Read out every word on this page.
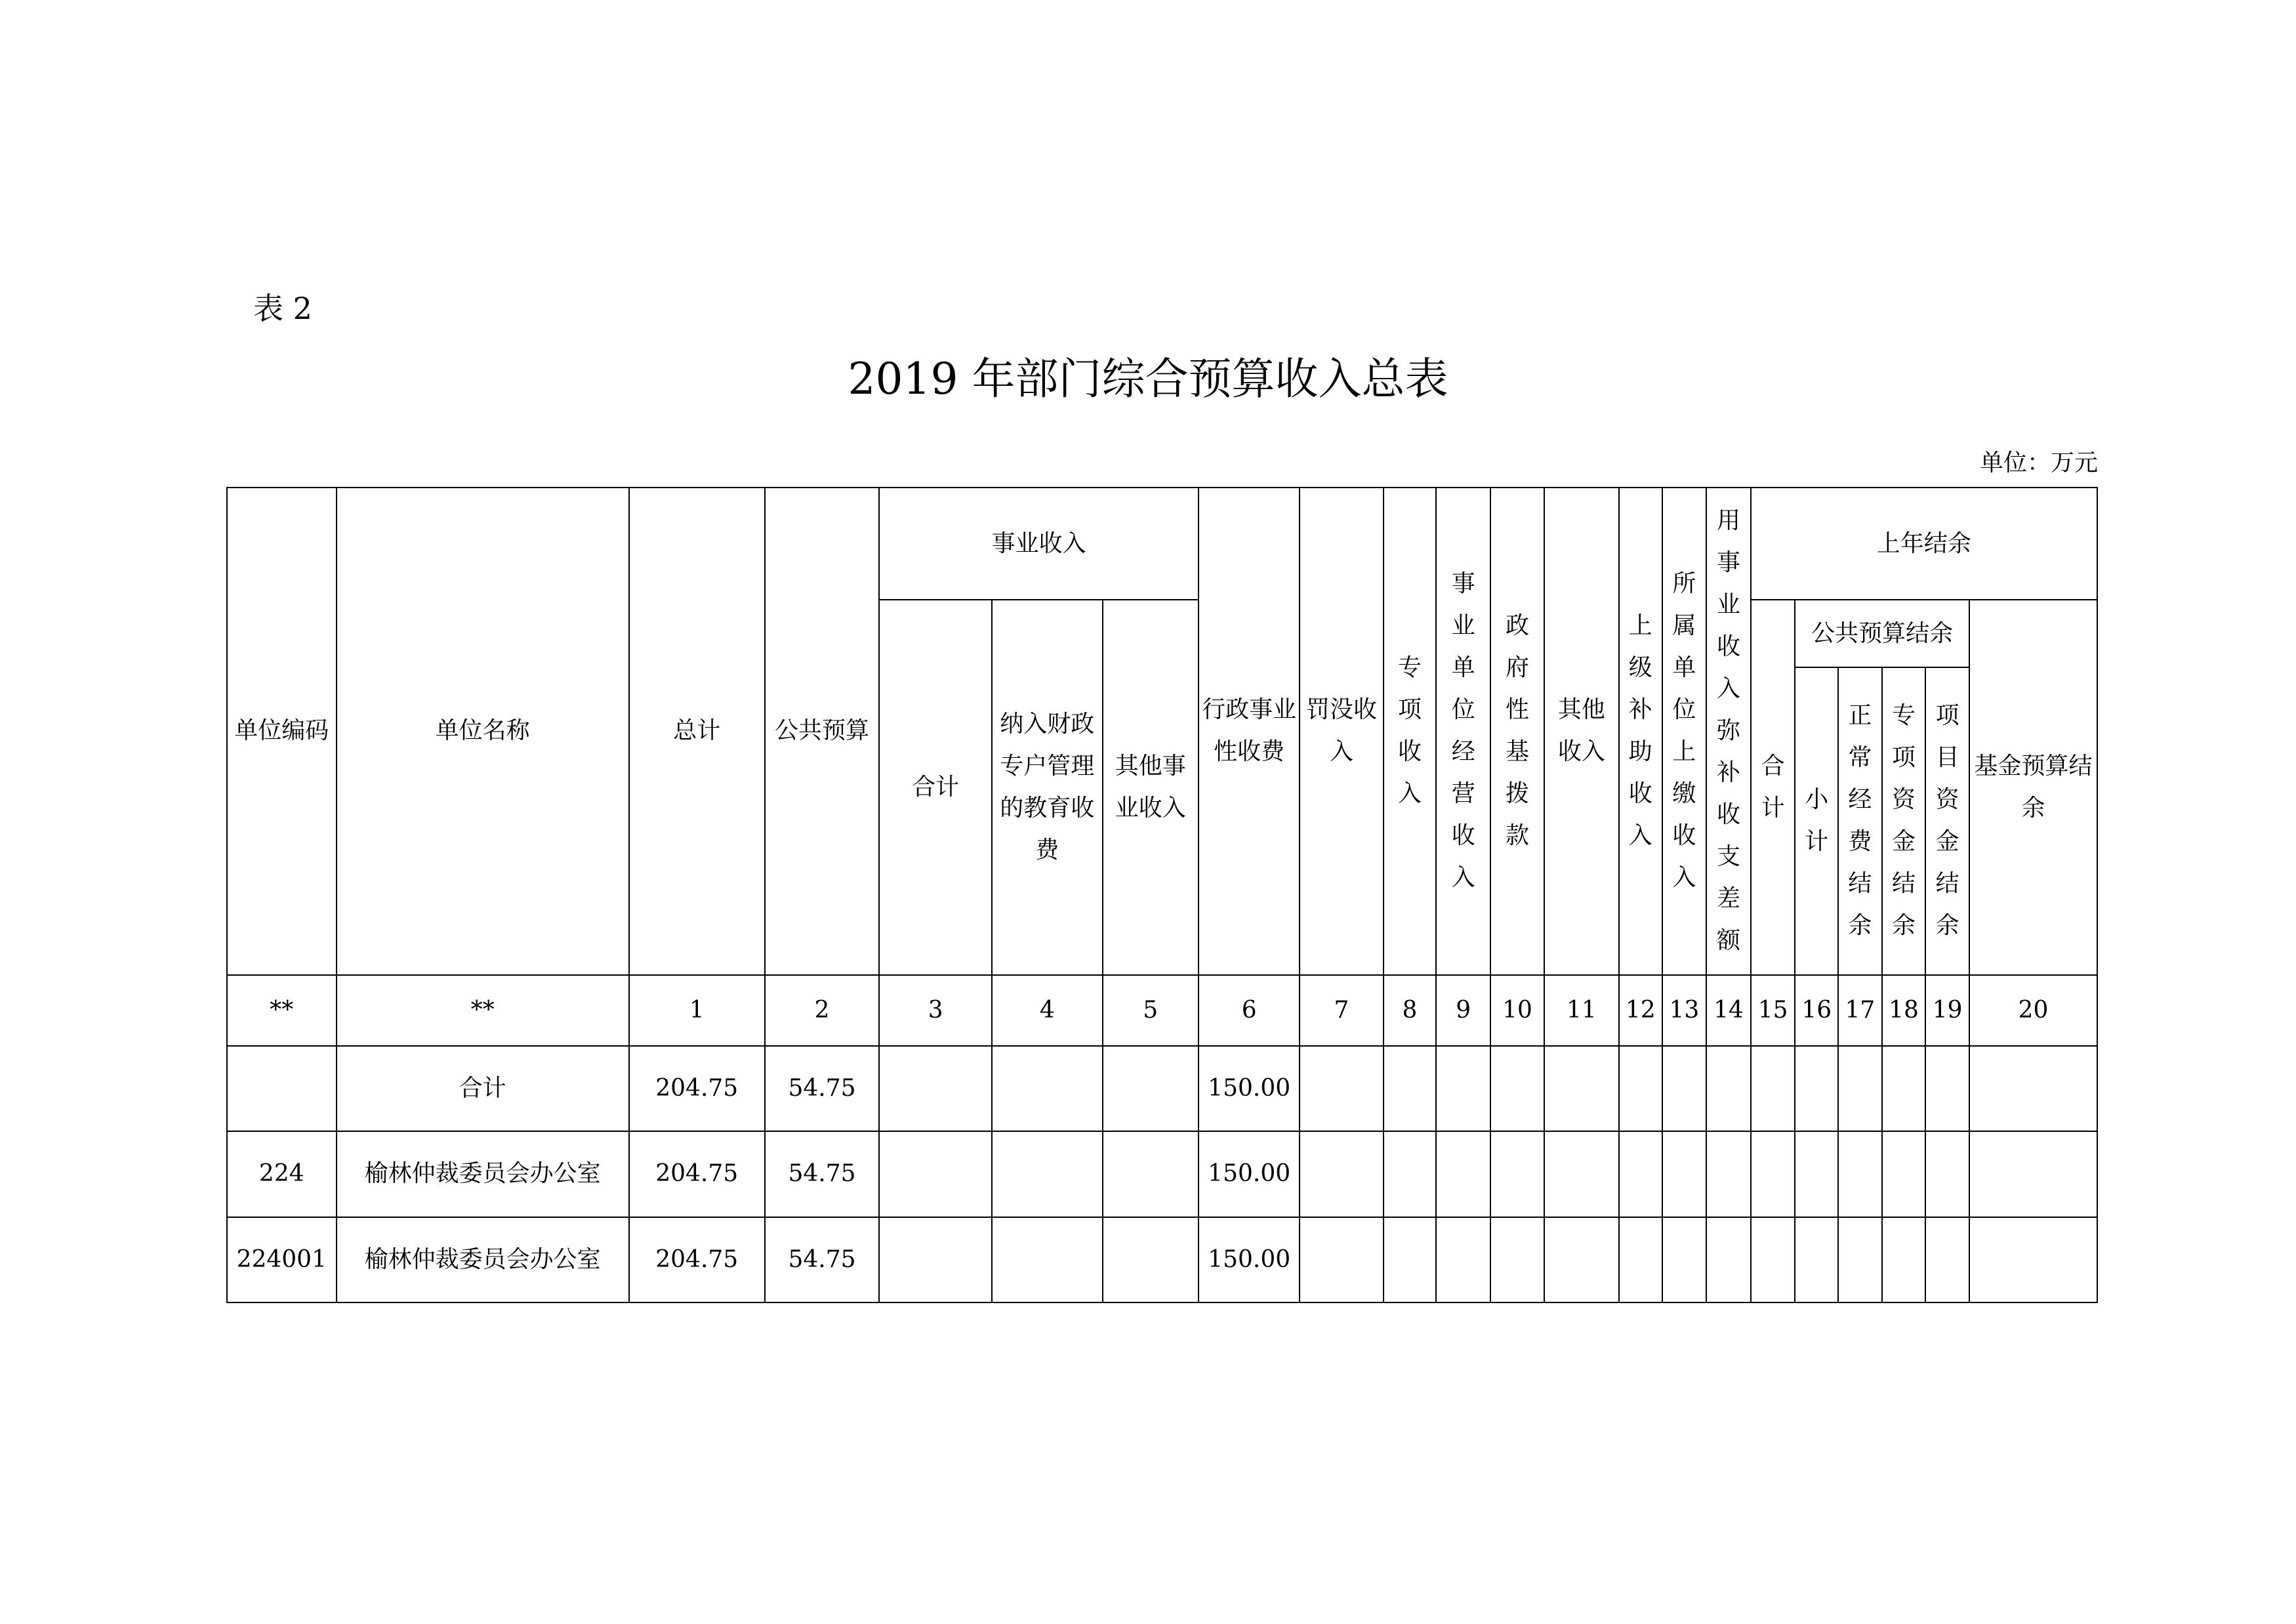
表 2
2019 年部门综合预算收入总表
单位：万元
单位编码	单位名称	总计	公共预算	事业收入			行政事业性收费	罚没收入	专项收入	事业单位经营收入	政府性基拨款	其他收入	上级补助收入	所属单位上缴收入	用事业收入弥补收支差额	上年结余					
				合计	纳入财政专户管理的教育收费	其他事业收入										合计	公共预算结余				基金预算结余

																	小计	正常经费结余	专项资金结余	项目资金结余	

**	**	1	2	3	4	5	6	7	8	9	10	11	12	13	14	15	16	17	18	19	20
	合计	204.75	54.75				150.00														
224	榆林仲裁委员会办公室	204.75	54.75				150.00														
224001	榆林仲裁委员会办公室	204.75	54.75				150.00														
